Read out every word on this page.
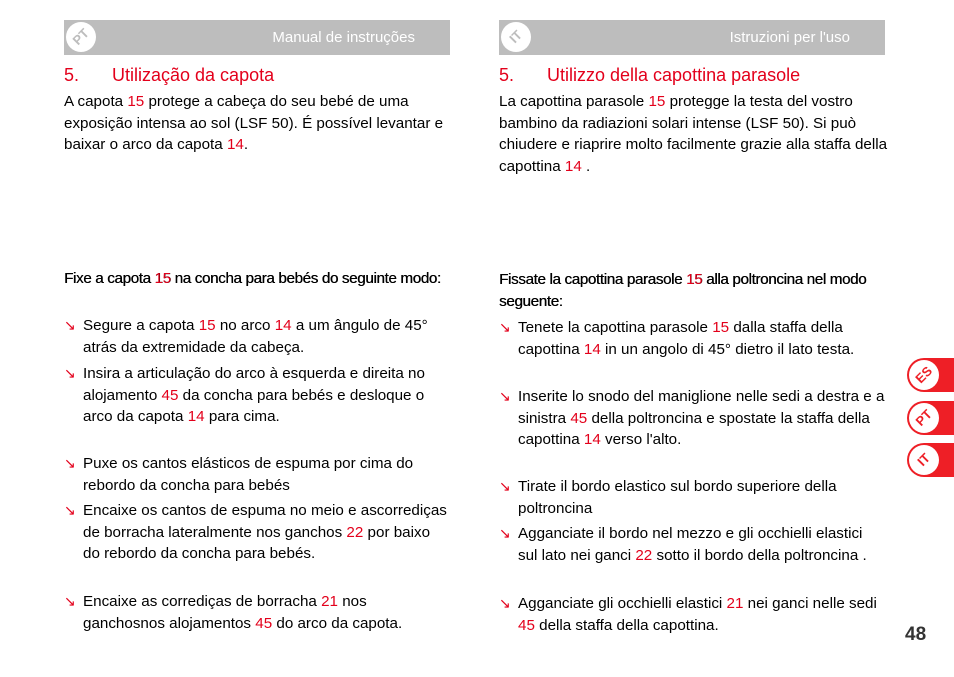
PT	Manual de instruções
5. Utilização da capota

A capota 15 protege a cabeça do seu bebé de uma exposição intensa ao sol (LSF 50). É possível levantar e baixar o arco da capota 14.

Fixe a capota 15 na concha para bebés do seguinte modo:

↘ Segure a capota 15 no arco 14 a um ângulo de 45° atrás da extremidade da cabeça.
↘ Insira a articulação do arco à esquerda e direita no alojamento 45 da concha para bebés e desloque o arco da capota 14 para cima.
↘ Puxe os cantos elásticos de espuma por cima do rebordo da concha para bebés
↘ Encaixe os cantos de espuma no meio e ascorrediças de borracha lateralmente nos ganchos 22 por baixo do rebordo da concha para bebés.
↘ Encaixe as corrediças de borracha 21 nos ganchosnos alojamentos 45 do arco da capota.
IT	Istruzioni per l'uso
5. Utilizzo della capottina parasole

La capottina parasole 15 protegge la testa del vostro bambino da radiazioni solari intense (LSF 50). Si può chiudere e riaprire molto facilmente grazie alla staffa della capottina 14 .

Fissate la capottina parasole 15 alla poltroncina nel modo seguente:

↘ Tenete la capottina parasole 15 dalla staffa della capottina 14 in un angolo di 45° dietro il lato testa.
↘ Inserite lo snodo del maniglione nelle sedi a destra e a sinistra 45 della poltroncina e spostate la staffa della capottina 14 verso l'alto.
↘ Tirate il bordo elastico sul bordo superiore della poltroncina
↘ Agganciate il bordo nel mezzo e gli occhielli elastici sul lato nei ganci 22 sotto il bordo della poltroncina .
↘ Agganciate gli occhielli elastici 21 nei ganci nelle sedi 45 della staffa della capottina.
ES
PT
IT
48
